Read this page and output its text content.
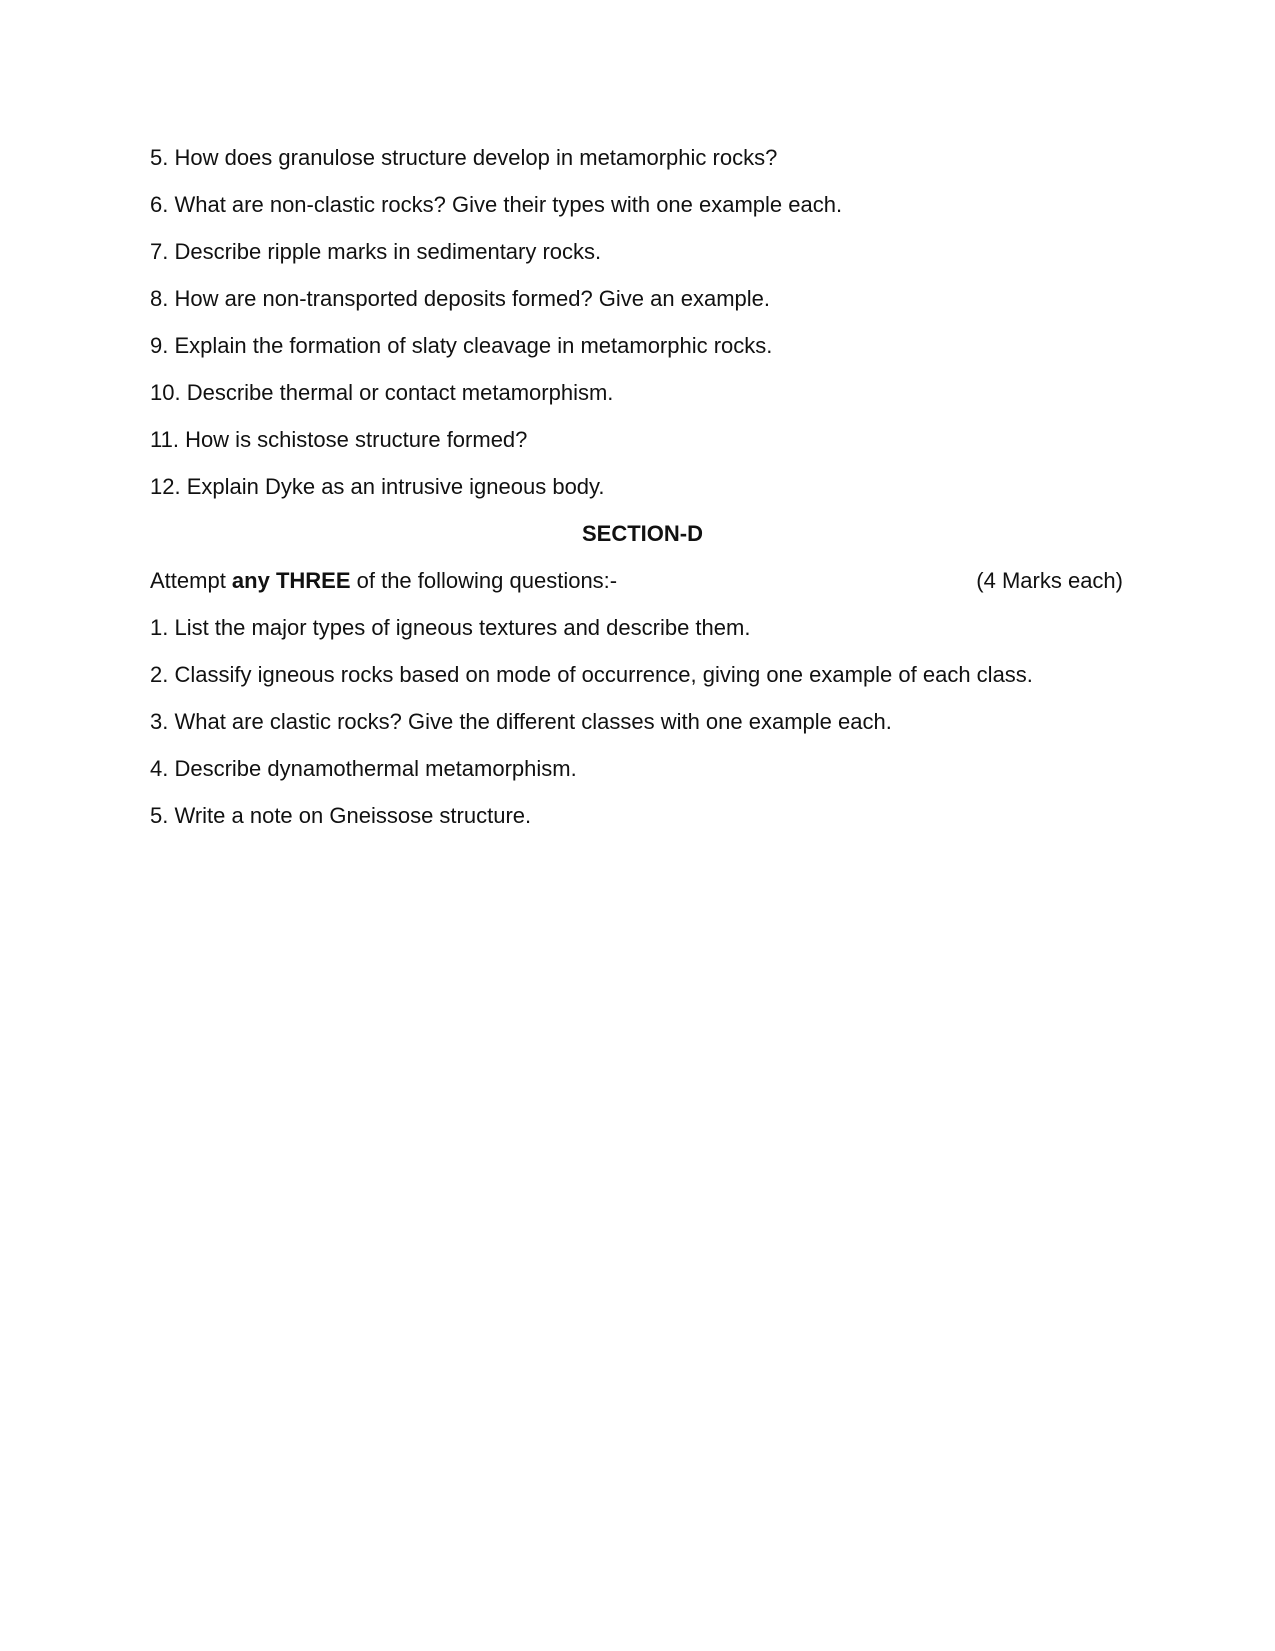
5. How does granulose structure develop in metamorphic rocks?
6. What are non-clastic rocks? Give their types with one example each.
7. Describe ripple marks in sedimentary rocks.
8. How are non-transported deposits formed? Give an example.
9. Explain the formation of slaty cleavage in metamorphic rocks.
10. Describe thermal or contact metamorphism.
11. How is schistose structure formed?
12. Explain Dyke as an intrusive igneous body.
SECTION-D
Attempt any THREE of the following questions:-	(4 Marks each)
1. List the major types of igneous textures and describe them.
2. Classify igneous rocks based on mode of occurrence, giving one example of each class.
3. What are clastic rocks? Give the different classes with one example each.
4. Describe dynamothermal metamorphism.
5. Write a note on Gneissose structure.
